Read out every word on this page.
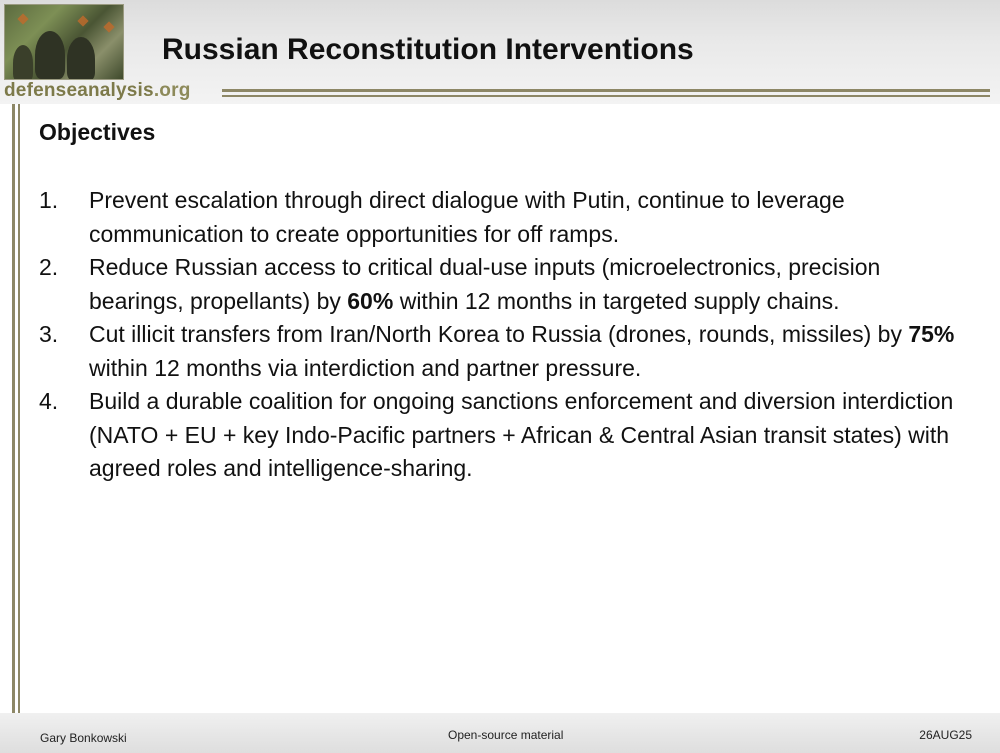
defenseanalysis.org
Russian Reconstitution Interventions
Objectives
1. Prevent escalation through direct dialogue with Putin, continue to leverage communication to create opportunities for off ramps.
2. Reduce Russian access to critical dual-use inputs (microelectronics, precision bearings, propellants) by 60% within 12 months in targeted supply chains.
3. Cut illicit transfers from Iran/North Korea to Russia (drones, rounds, missiles) by 75% within 12 months via interdiction and partner pressure.
4. Build a durable coalition for ongoing sanctions enforcement and diversion interdiction (NATO + EU + key Indo-Pacific partners + African & Central Asian transit states) with agreed roles and intelligence-sharing.
Gary Bonkowski	Open-source material	26AUG25
